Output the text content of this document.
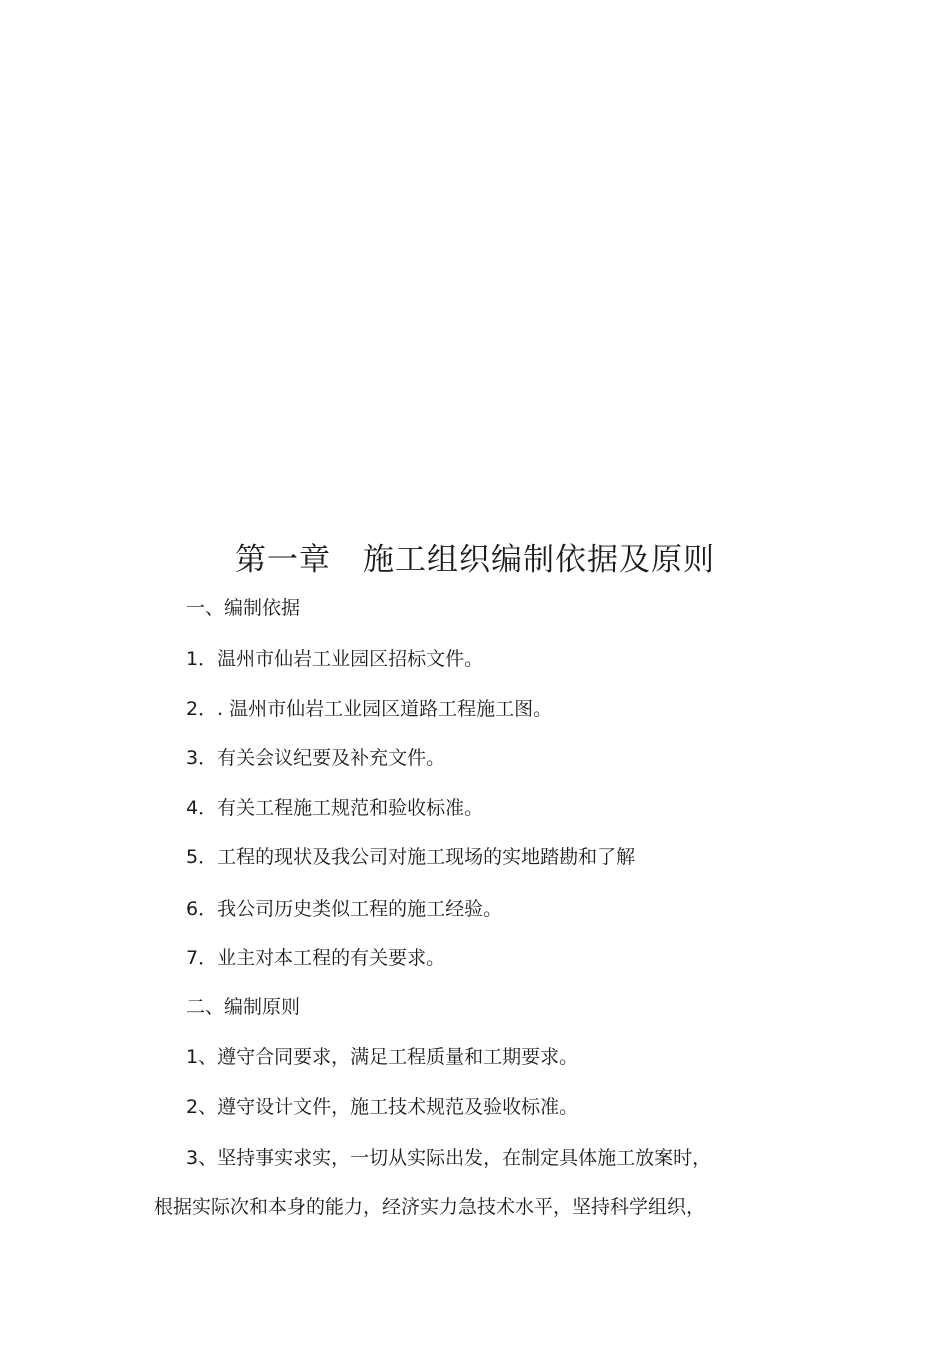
第一章　施工组织编制依据及原则

一、编制依据

1．温州市仙岩工业园区招标文件。

2．. 温州市仙岩工业园区道路工程施工图。

3．有关会议纪要及补充文件。

4．有关工程施工规范和验收标准。

5．工程的现状及我公司对施工现场的实地踏勘和了解

6．我公司历史类似工程的施工经验。

7．业主对本工程的有关要求。

二、编制原则

1、遵守合同要求，满足工程质量和工期要求。

2、遵守设计文件，施工技术规范及验收标准。

3、坚持事实求实，一切从实际出发，在制定具体施工放案时，

根据实际次和本身的能力，经济实力急技术水平，坚持科学组织，
